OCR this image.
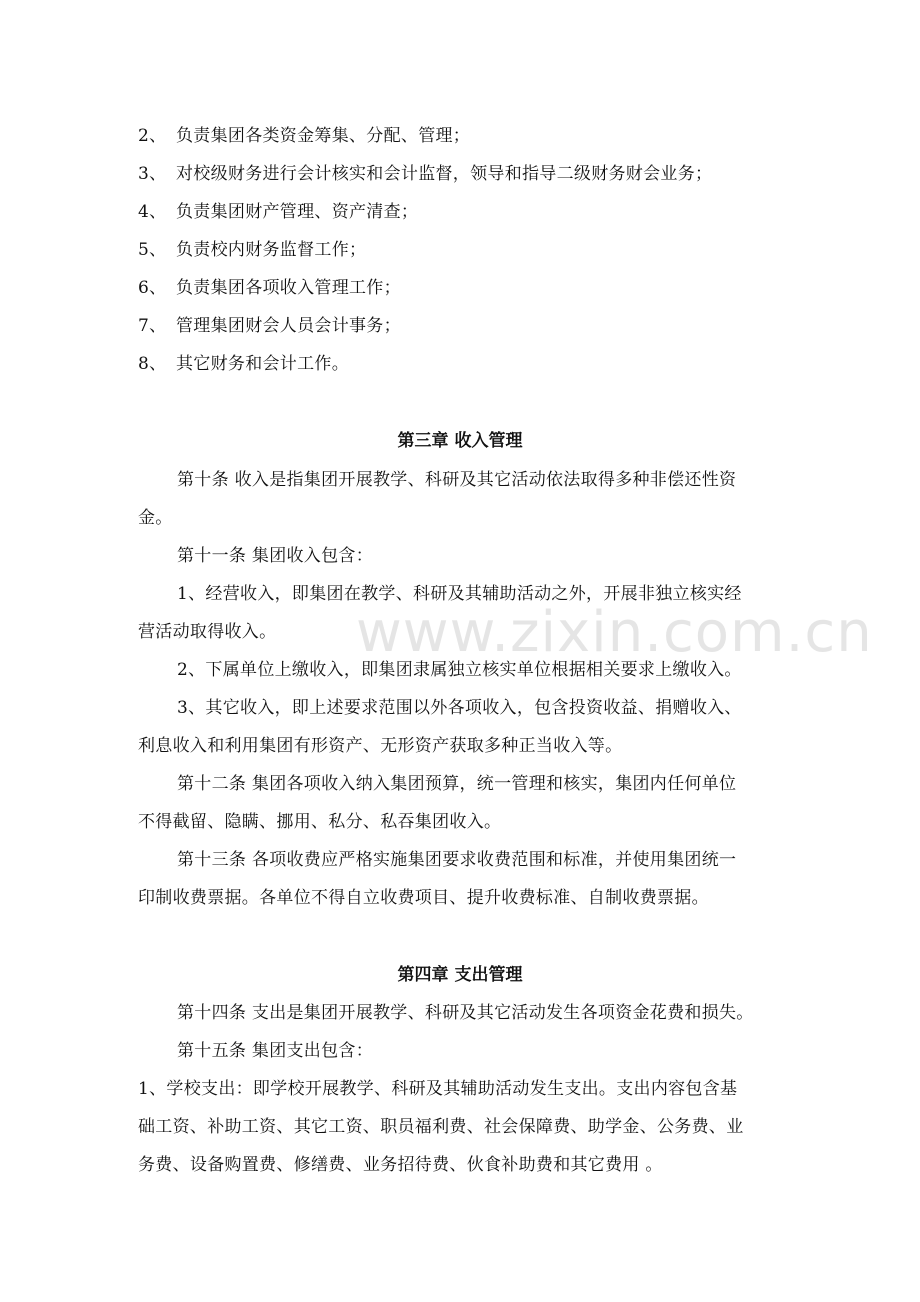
2、 负责集团各类资金筹集、分配、管理；
3、 对校级财务进行会计核实和会计监督，领导和指导二级财务财会业务；
4、 负责集团财产管理、资产清查；
5、 负责校内财务监督工作；
6、 负责集团各项收入管理工作；
7、 管理集团财会人员会计事务；
8、 其它财务和会计工作。
第三章 收入管理
第十条 收入是指集团开展教学、科研及其它活动依法取得多种非偿还性资
金。
第十一条 集团收入包含：
1、经营收入，即集团在教学、科研及其辅助活动之外，开展非独立核实经
营活动取得收入。
2、下属单位上缴收入，即集团隶属独立核实单位根据相关要求上缴收入。
3、其它收入，即上述要求范围以外各项收入，包含投资收益、捐赠收入、
利息收入和利用集团有形资产、无形资产获取多种正当收入等。
第十二条 集团各项收入纳入集团预算，统一管理和核实，集团内任何单位
不得截留、隐瞒、挪用、私分、私吞集团收入。
第十三条 各项收费应严格实施集团要求收费范围和标准，并使用集团统一
印制收费票据。各单位不得自立收费项目、提升收费标准、自制收费票据。
第四章 支出管理
第十四条 支出是集团开展教学、科研及其它活动发生各项资金花费和损失。
第十五条 集团支出包含：
1、学校支出：即学校开展教学、科研及其辅助活动发生支出。支出内容包含基
础工资、补助工资、其它工资、职员福利费、社会保障费、助学金、公务费、业
务费、设备购置费、修缮费、业务招待费、伙食补助费和其它费用 。
www.zixin.com.cn
